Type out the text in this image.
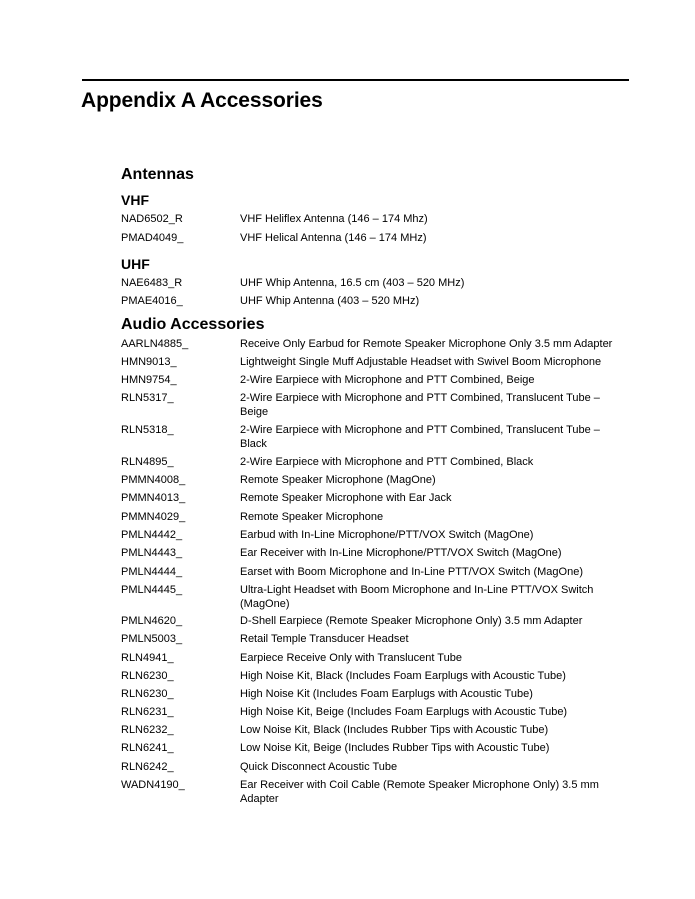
Appendix A Accessories
Antennas
VHF
NAD6502_R	VHF Heliflex Antenna (146 – 174 Mhz)
PMAD4049_	VHF Helical Antenna (146 – 174 MHz)
UHF
NAE6483_R	UHF Whip Antenna, 16.5 cm (403 – 520 MHz)
PMAE4016_	UHF Whip Antenna (403 – 520 MHz)
Audio Accessories
AARLN4885_	Receive Only Earbud for Remote Speaker Microphone Only 3.5 mm Adapter
HMN9013_	Lightweight Single Muff Adjustable Headset with Swivel Boom Microphone
HMN9754_	2-Wire Earpiece with Microphone and PTT Combined, Beige
RLN5317_	2-Wire Earpiece with Microphone and PTT Combined, Translucent Tube – Beige
RLN5318_	2-Wire Earpiece with Microphone and PTT Combined, Translucent Tube – Black
RLN4895_	2-Wire Earpiece with Microphone and PTT Combined, Black
PMMN4008_	Remote Speaker Microphone (MagOne)
PMMN4013_	Remote Speaker Microphone with Ear Jack
PMMN4029_	Remote Speaker Microphone
PMLN4442_	Earbud with In-Line Microphone/PTT/VOX Switch (MagOne)
PMLN4443_	Ear Receiver with In-Line Microphone/PTT/VOX Switch (MagOne)
PMLN4444_	Earset with Boom Microphone and In-Line PTT/VOX Switch (MagOne)
PMLN4445_	Ultra-Light Headset with Boom Microphone and In-Line PTT/VOX Switch (MagOne)
PMLN4620_	D-Shell Earpiece (Remote Speaker Microphone Only) 3.5 mm Adapter
PMLN5003_	Retail Temple Transducer Headset
RLN4941_	Earpiece Receive Only with Translucent Tube
RLN6230_	High Noise Kit, Black (Includes Foam Earplugs with Acoustic Tube)
RLN6230_	High Noise Kit (Includes Foam Earplugs with Acoustic Tube)
RLN6231_	High Noise Kit, Beige (Includes Foam Earplugs with Acoustic Tube)
RLN6232_	Low Noise Kit, Black (Includes Rubber Tips with Acoustic Tube)
RLN6241_	Low Noise Kit, Beige (Includes Rubber Tips with Acoustic Tube)
RLN6242_	Quick Disconnect Acoustic Tube
WADN4190_	Ear Receiver with Coil Cable (Remote Speaker Microphone Only) 3.5 mm Adapter
